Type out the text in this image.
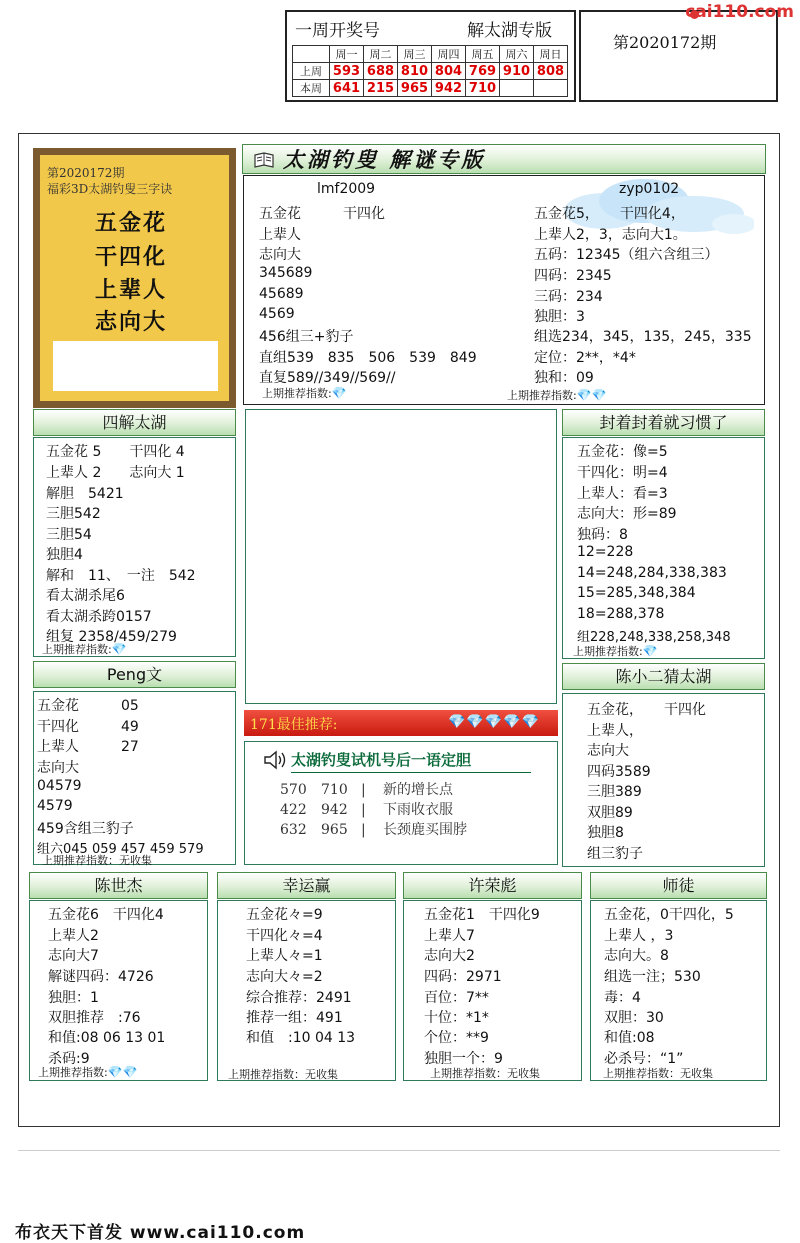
一周开奖号	解太湖专版
	周一	周二	周三	周四	周五	周六	周日
上周	593	688	810	804	769	910	808
本周	641	215	965	942	710		
第2020172期
cai110.com
第2020172期
福彩3D太湖钓叟三字诀
五金花
干四化
上辈人
志向大
太湖钓叟 解谜专版
lmf2009
五金花　　　干四化
上辈人
志向大
345689
45689
4569
456组三+豹子
直组539　835　506　539　849
直复589//349//569//
上期推荐指数:💎
zyp0102
五金花5，　　干四化4，
上辈人2，3，志向大1。
五码：12345（组六含组三）
四码：2345
三码：234
独胆：3
组选234，345，135，245，335
定位：2**，*4*
独和：09
上期推荐指数:💎💎
四解太湖
五金花 5　　干四化 4
上辈人 2　　志向大 1
解胆　5421
三胆542
三胆54
独胆4
解和　11、　一注　542
看太湖杀尾6
看太湖杀跨0157
组复 2358/459/279
上期推荐指数:💎
封着封着就习惯了
五金花：像=5
干四化：明=4
上辈人：看=3
志向大：形=89
独码：8
12=228
14=248,284,338,383
15=285,348,384
18=288,378
组228,248,338,258,348
上期推荐指数:💎
Peng文
五金花　　　05
干四化　　　49
上辈人　　　27
志向大
04579
4579
459含组三豹子
组六045 059 457 459 579
上期推荐指数：无收集
171最佳推荐:	💎💎💎💎💎
太湖钓叟试机号后一语定胆
570 710 | 新的增长点
422 942 | 下雨收衣服
632 965 | 长颈鹿买围脖
陈小二猜太湖
五金花，　　干四化
上辈人，
志向大
四码3589
三胆389
双胆89
独胆8
组三豹子
陈世杰
五金花6　干四化4
上辈人2
志向大7
解谜四码：4726
独胆：1
双胆推荐　:76
和值:08 06 13 01
杀码:9
上期推荐指数:💎💎
幸运赢
五金花々=9
干四化々=4
上辈人々=1
志向大々=2
综合推荐：2491
推荐一组：491
和值　:10 04 13
上期推荐指数：无收集
许荣彪
五金花1　干四化9
上辈人7
志向大2
四码：2971
百位：7**
十位：*1*
个位：**9
独胆一个：9
上期推荐指数：无收集
师徒
五金花，0干四化，5
上辈人 ，3
志向大。8
组选一注；530
毒：4
双胆：30
和值:08
必杀号：“1”
上期推荐指数：无收集
布衣天下首发 www.cai110.com
